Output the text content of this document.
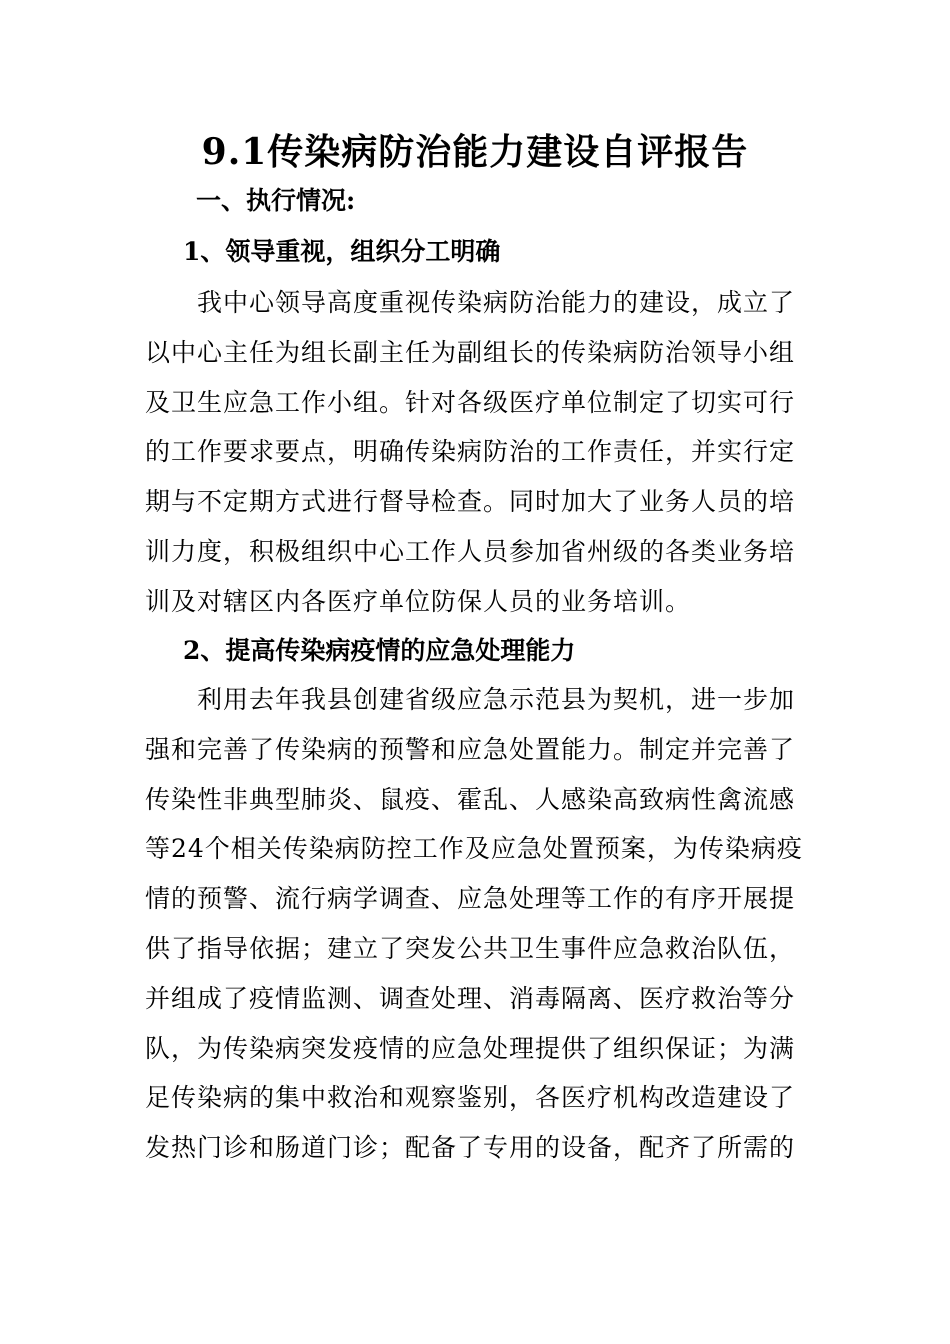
9.1传染病防治能力建设自评报告
一、执行情况:
1、领导重视，组织分工明确
　　我中心领导高度重视传染病防治能力的建设，成立了
以中心主任为组长副主任为副组长的传染病防治领导小组
及卫生应急工作小组。针对各级医疗单位制定了切实可行
的工作要求要点，明确传染病防治的工作责任，并实行定
期与不定期方式进行督导检查。同时加大了业务人员的培
训力度，积极组织中心工作人员参加省州级的各类业务培
训及对辖区内各医疗单位防保人员的业务培训。
2、提高传染病疫情的应急处理能力
　　利用去年我县创建省级应急示范县为契机，进一步加
强和完善了传染病的预警和应急处置能力。制定并完善了
传染性非典型肺炎、鼠疫、霍乱、人感染高致病性禽流感
等24个相关传染病防控工作及应急处置预案，为传染病疫
情的预警、流行病学调查、应急处理等工作的有序开展提
供了指导依据；建立了突发公共卫生事件应急救治队伍，
并组成了疫情监测、调查处理、消毒隔离、医疗救治等分
队，为传染病突发疫情的应急处理提供了组织保证；为满
足传染病的集中救治和观察鉴别，各医疗机构改造建设了
发热门诊和肠道门诊；配备了专用的设备，配齐了所需的
